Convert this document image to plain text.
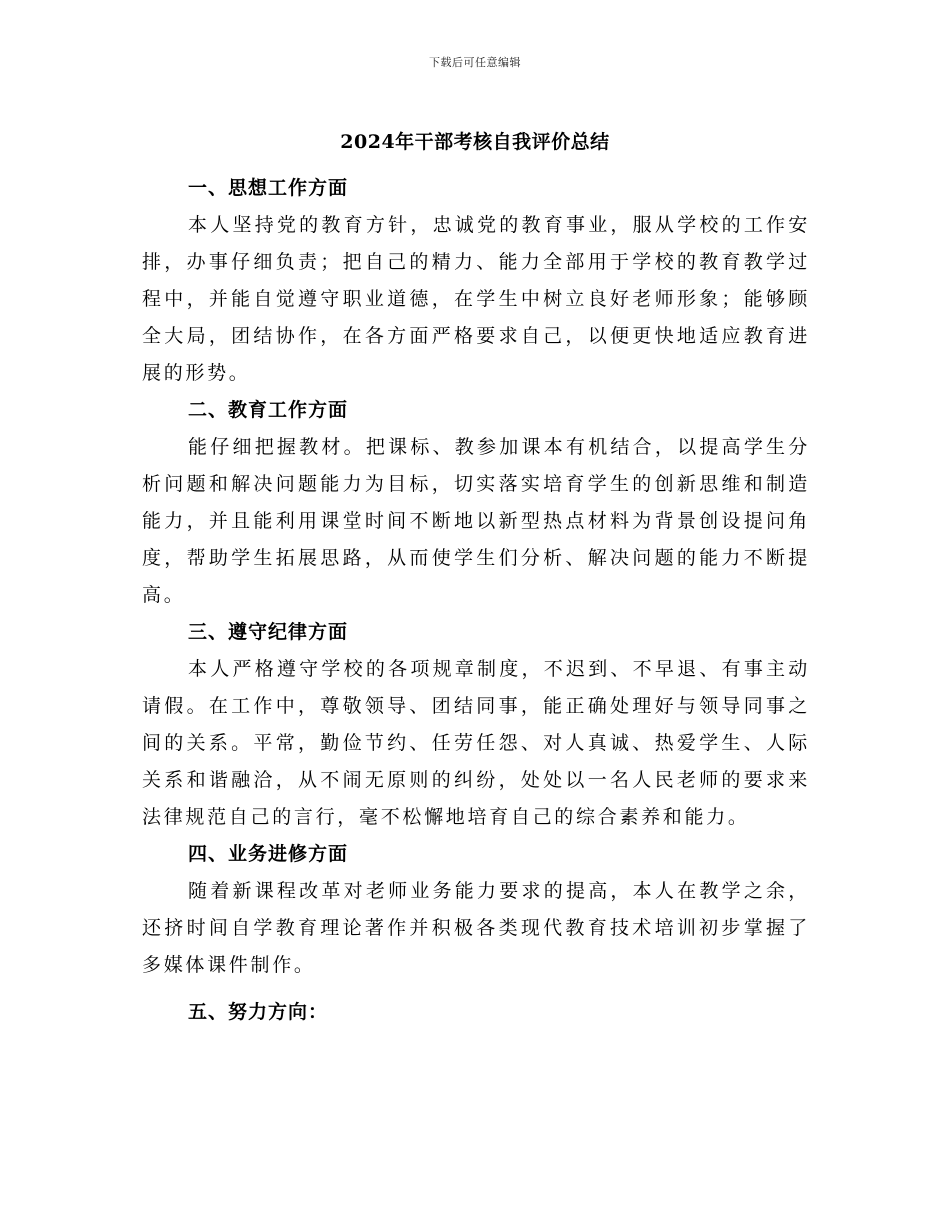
下载后可任意编辑
2024年干部考核自我评价总结

一、思想工作方面

本人坚持党的教育方针，忠诚党的教育事业，服从学校的工作安排，办事仔细负责；把自己的精力、能力全部用于学校的教育教学过程中，并能自觉遵守职业道德，在学生中树立良好老师形象；能够顾全大局，团结协作，在各方面严格要求自己，以便更快地适应教育进展的形势。

二、教育工作方面

能仔细把握教材。把课标、教参加课本有机结合，以提高学生分析问题和解决问题能力为目标，切实落实培育学生的创新思维和制造能力，并且能利用课堂时间不断地以新型热点材料为背景创设提问角度，帮助学生拓展思路，从而使学生们分析、解决问题的能力不断提高。

三、遵守纪律方面

本人严格遵守学校的各项规章制度，不迟到、不早退、有事主动请假。在工作中，尊敬领导、团结同事，能正确处理好与领导同事之间的关系。平常，勤俭节约、任劳任怨、对人真诚、热爱学生、人际关系和谐融洽，从不闹无原则的纠纷，处处以一名人民老师的要求来法律规范自己的言行，毫不松懈地培育自己的综合素养和能力。

四、业务进修方面

随着新课程改革对老师业务能力要求的提高，本人在教学之余，还挤时间自学教育理论著作并积极各类现代教育技术培训初步掌握了多媒体课件制作。

五、努力方向：
